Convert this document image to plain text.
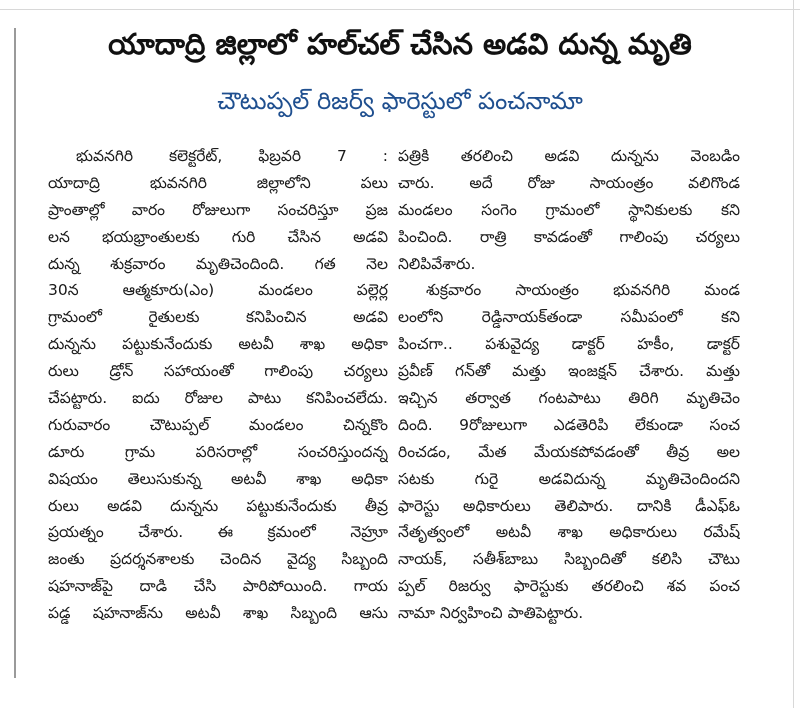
యాదాద్రి జిల్లాలో హల్‌చల్‌ చేసిన అడవి దున్న మృతి
చౌటుప్పల్‌ రిజర్వ్‌ ఫారెస్టులో పంచనామా
భువనగిరి కలెక్టరేట్‌, ఫిబ్రవరి 7 :
యాదాద్రి భువనగిరి జిల్లాలోని పలు
ప్రాంతాల్లో వారం రోజులుగా సంచరిస్తూ ప్రజ
లన భయభ్రాంతులకు గురి చేసిన అడవి
దున్న శుక్రవారం మృతిచెందింది. గత నెల
30న ఆత్మకూరు(ఎం) మండలం పల్లెర్ల
గ్రామంలో రైతులకు కనిపించిన అడవి
దున్నను పట్టుకునేందుకు అటవీ శాఖ అధికా
రులు డ్రోన్‌ సహాయంతో గాలింపు చర్యలు
చేపట్టారు. ఐదు రోజుల పాటు కనిపించలేదు.
గురువారం చౌటుప్పల్‌ మండలం చిన్నకొం
డూరు గ్రామ పరిసరాల్లో సంచరిస్తుందన్న
విషయం తెలుసుకున్న అటవీ శాఖ అధికా
రులు అడవి దున్నను పట్టుకునేందుకు తీవ్ర
ప్రయత్నం చేశారు. ఈ క్రమంలో నెహ్రూ
జంతు ప్రదర్శనశాలకు చెందిన వైద్య సిబ్బంది
షహనాజ్‌పై దాడి చేసి పారిపోయింది. గాయ
పడ్డ షహనాజ్‌ను అటవీ శాఖ సిబ్బంది ఆసు
పత్రికి తరలించి అడవి దున్నను వెంబడిం
చారు. అదే రోజు సాయంత్రం వలిగొండ
మండలం సంగెం గ్రామంలో స్థానికులకు కని
పించింది. రాత్రి కావడంతో గాలింపు చర్యలు
నిలిపివేశారు.
శుక్రవారం సాయంత్రం భువనగిరి మండ
లంలోని రెడ్డినాయక్‌తండా సమీపంలో కని
పించగా.. పశువైద్య డాక్టర్‌ హకీం, డాక్టర్‌
ప్రవీణ్‌ గన్‌తో మత్తు ఇంజక్షన్‌ చేశారు. మత్తు
ఇచ్చిన తర్వాత గంటపాటు తిరిగి మృతిచెం
దింది. 9రోజులుగా ఎడతెరిపి లేకుండా సంచ
రించడం, మేత మేయకపోవడంతో తీవ్ర అల
సటకు గురై అడవిదున్న మృతిచెందిందని
ఫారెస్టు అధికారులు తెలిపారు. దానికి డీఎఫ్‌ఓ
నేతృత్వంలో అటవీ శాఖ అధికారులు రమేష్‌
నాయక్‌, సతీశ్‌బాబు సిబ్బందితో కలిసి చౌటు
ప్పల్‌ రిజర్వు ఫారెస్టుకు తరలించి శవ పంచ
నామా నిర్వహించి పాతిపెట్టారు.
